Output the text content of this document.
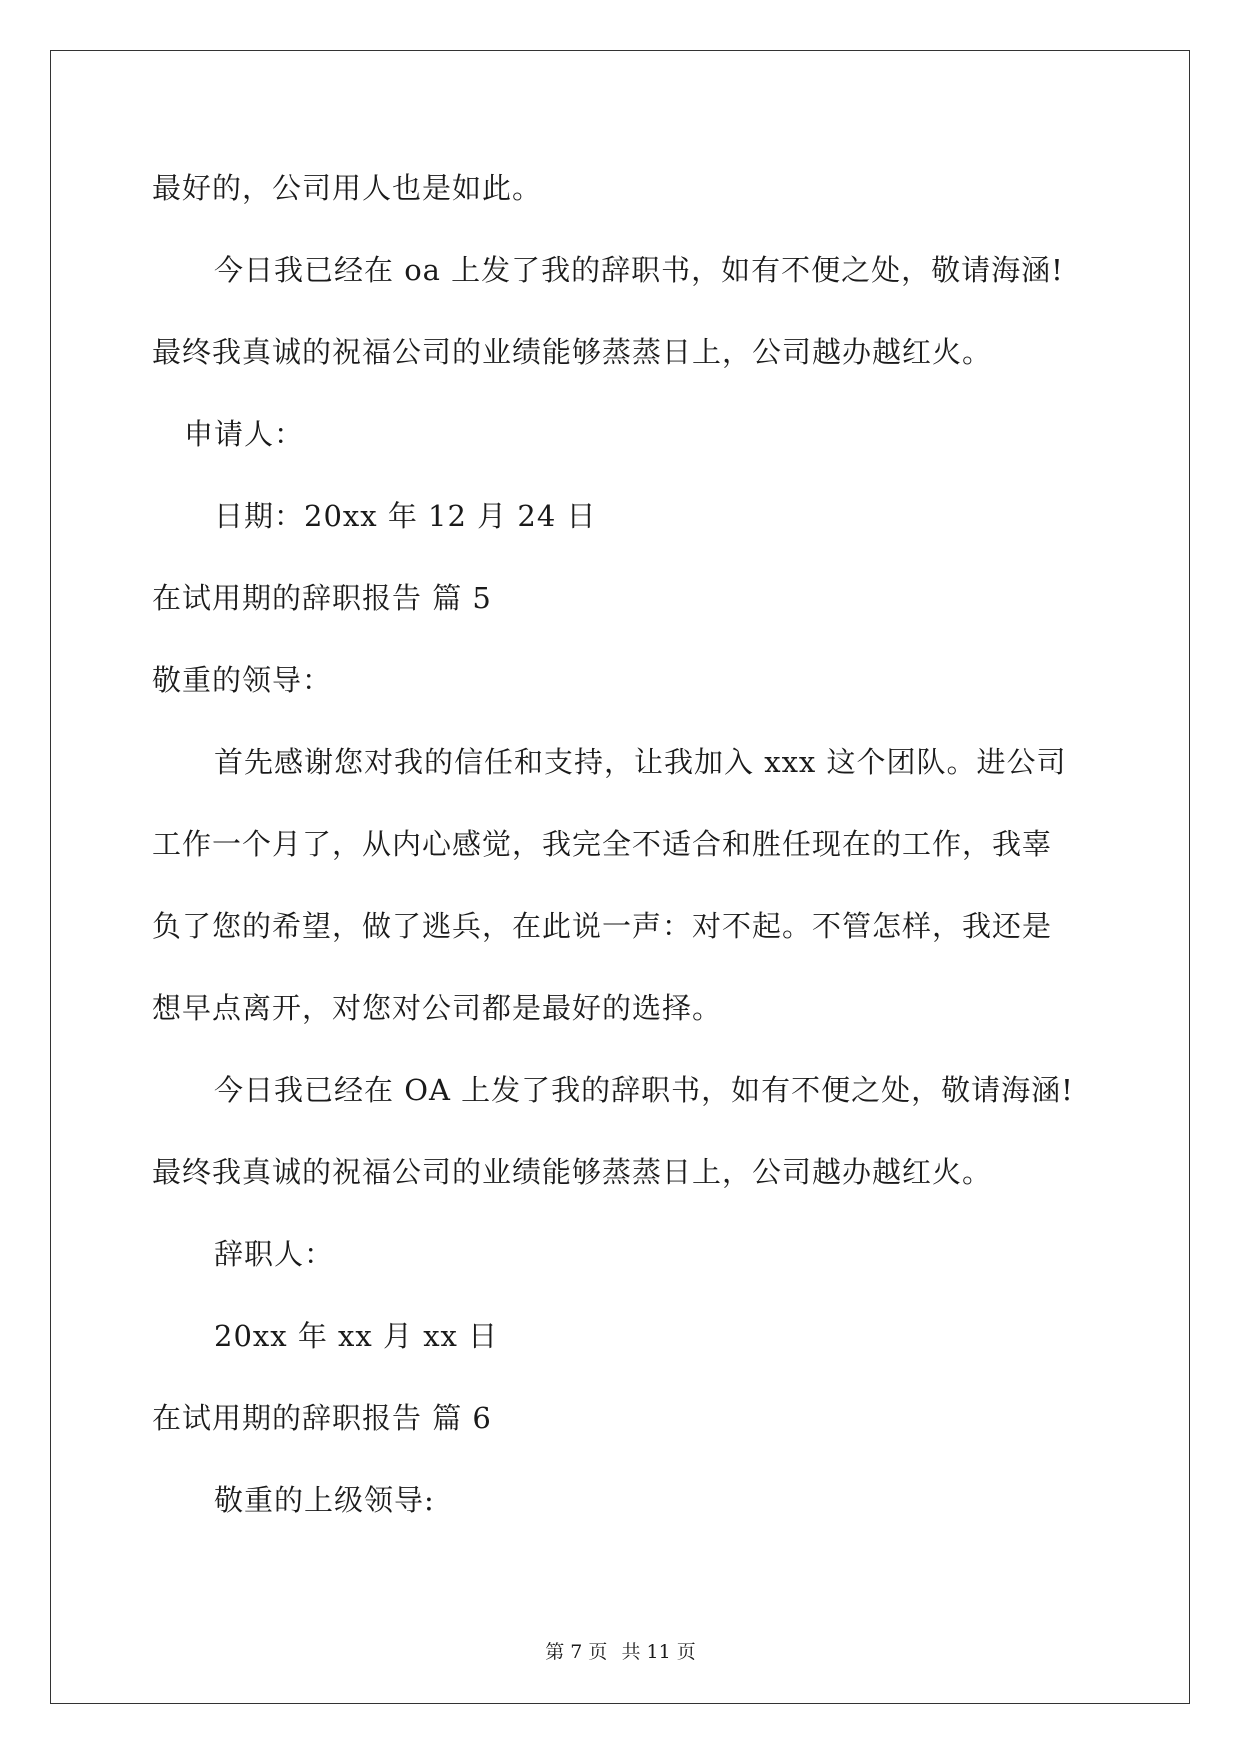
最好的，公司用人也是如此。
今日我已经在 oa 上发了我的辞职书，如有不便之处，敬请海涵!
最终我真诚的祝福公司的业绩能够蒸蒸日上，公司越办越红火。
申请人：
日期：20xx 年 12 月 24 日
在试用期的辞职报告 篇 5
敬重的领导：
首先感谢您对我的信任和支持，让我加入 xxx 这个团队。进公司
工作一个月了，从内心感觉，我完全不适合和胜任现在的工作，我辜
负了您的希望，做了逃兵，在此说一声：对不起。不管怎样，我还是
想早点离开，对您对公司都是最好的选择。
今日我已经在 OA 上发了我的辞职书，如有不便之处，敬请海涵!
最终我真诚的祝福公司的业绩能够蒸蒸日上，公司越办越红火。
辞职人：
20xx 年 xx 月 xx 日
在试用期的辞职报告 篇 6
敬重的上级领导:
第 7 页 共 11 页
